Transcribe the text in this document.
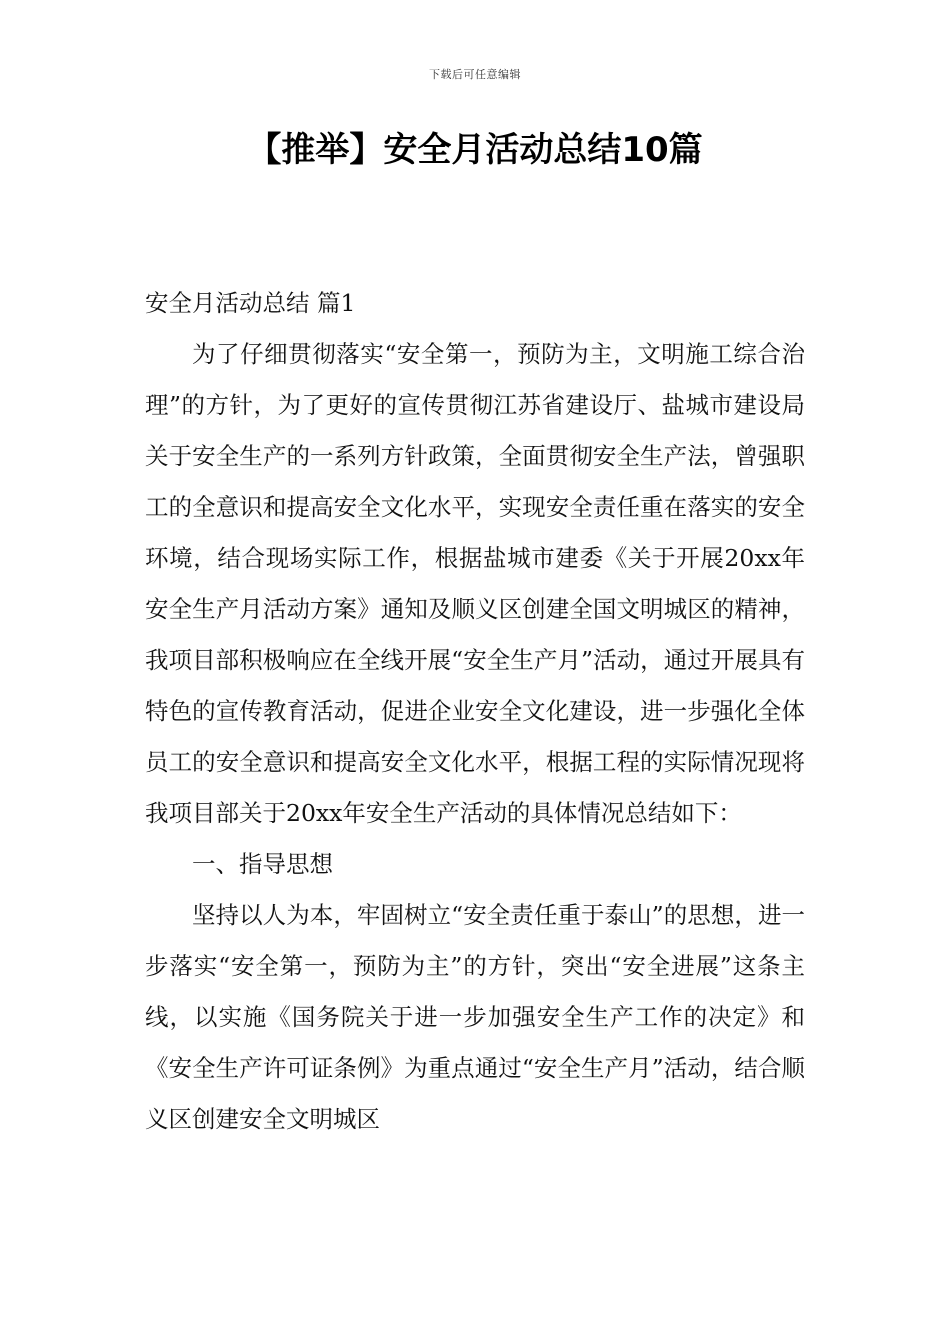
下载后可任意编辑
【推举】安全月活动总结10篇

安全月活动总结 篇1

为了仔细贯彻落实“安全第一，预防为主，文明施工综合治理”的方针，为了更好的宣传贯彻江苏省建设厅、盐城市建设局关于安全生产的一系列方针政策，全面贯彻安全生产法，曾强职工的全意识和提高安全文化水平，实现安全责任重在落实的安全环境，结合现场实际工作，根据盐城市建委《关于开展20xx年安全生产月活动方案》通知及顺义区创建全国文明城区的精神，我项目部积极响应在全线开展“安全生产月”活动，通过开展具有特色的宣传教育活动，促进企业安全文化建设，进一步强化全体员工的安全意识和提高安全文化水平，根据工程的实际情况现将我项目部关于20xx年安全生产活动的具体情况总结如下：

一、指导思想

坚持以人为本，牢固树立“安全责任重于泰山”的思想，进一步落实“安全第一，预防为主”的方针，突出“安全进展”这条主线，以实施《国务院关于进一步加强安全生产工作的决定》和《安全生产许可证条例》为重点通过“安全生产月”活动，结合顺义区创建安全文明城区
